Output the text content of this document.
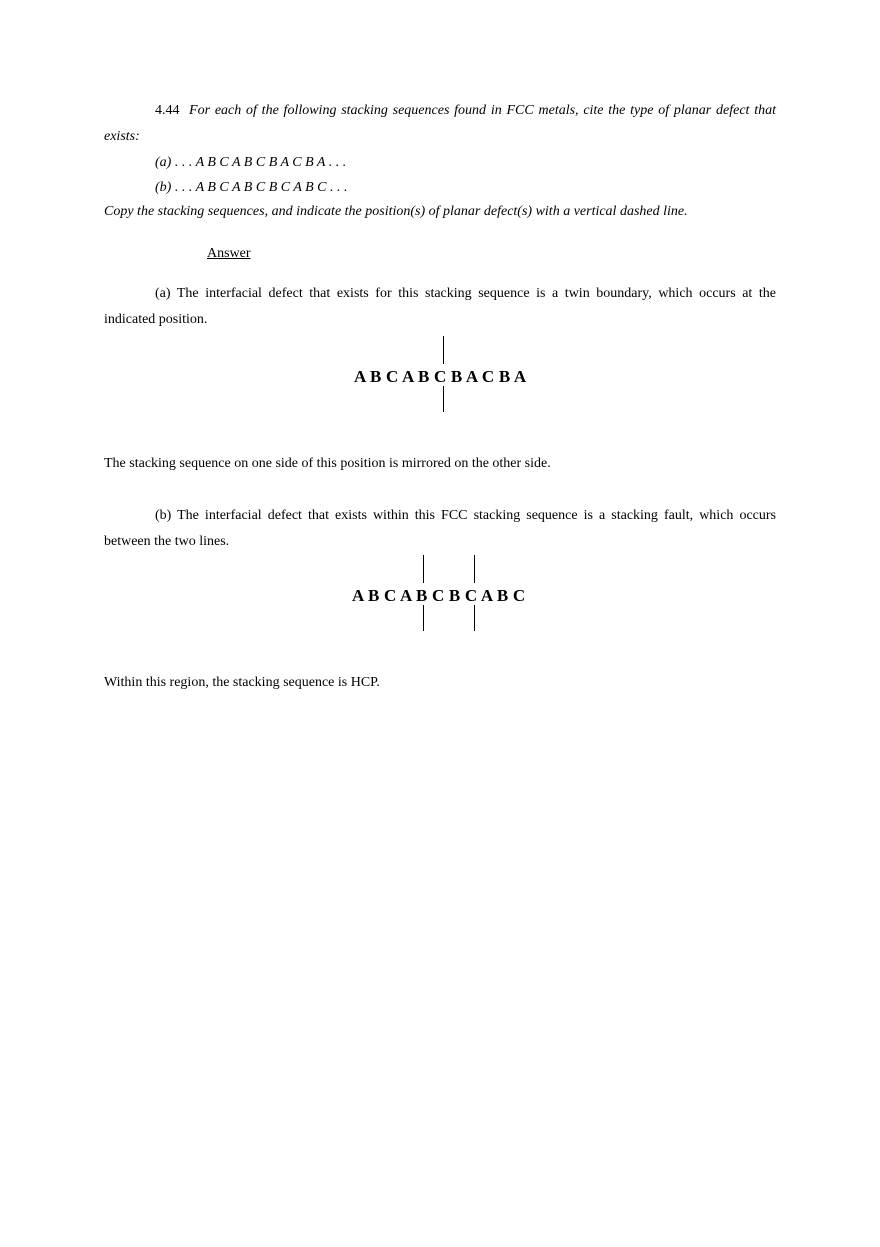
4.44 For each of the following stacking sequences found in FCC metals, cite the type of planar defect that exists:

(a) . . . A B C A B C B A C B A . . .

(b) . . . A B C A B C B C A B C . . .

Copy the stacking sequences, and indicate the position(s) of planar defect(s) with a vertical dashed line.

Answer

(a) The interfacial defect that exists for this stacking sequence is a twin boundary, which occurs at the indicated position.

A B C A B C B A C B A

The stacking sequence on one side of this position is mirrored on the other side.

(b) The interfacial defect that exists within this FCC stacking sequence is a stacking fault, which occurs between the two lines.

A B C A B C B C A B C

Within this region, the stacking sequence is HCP.
